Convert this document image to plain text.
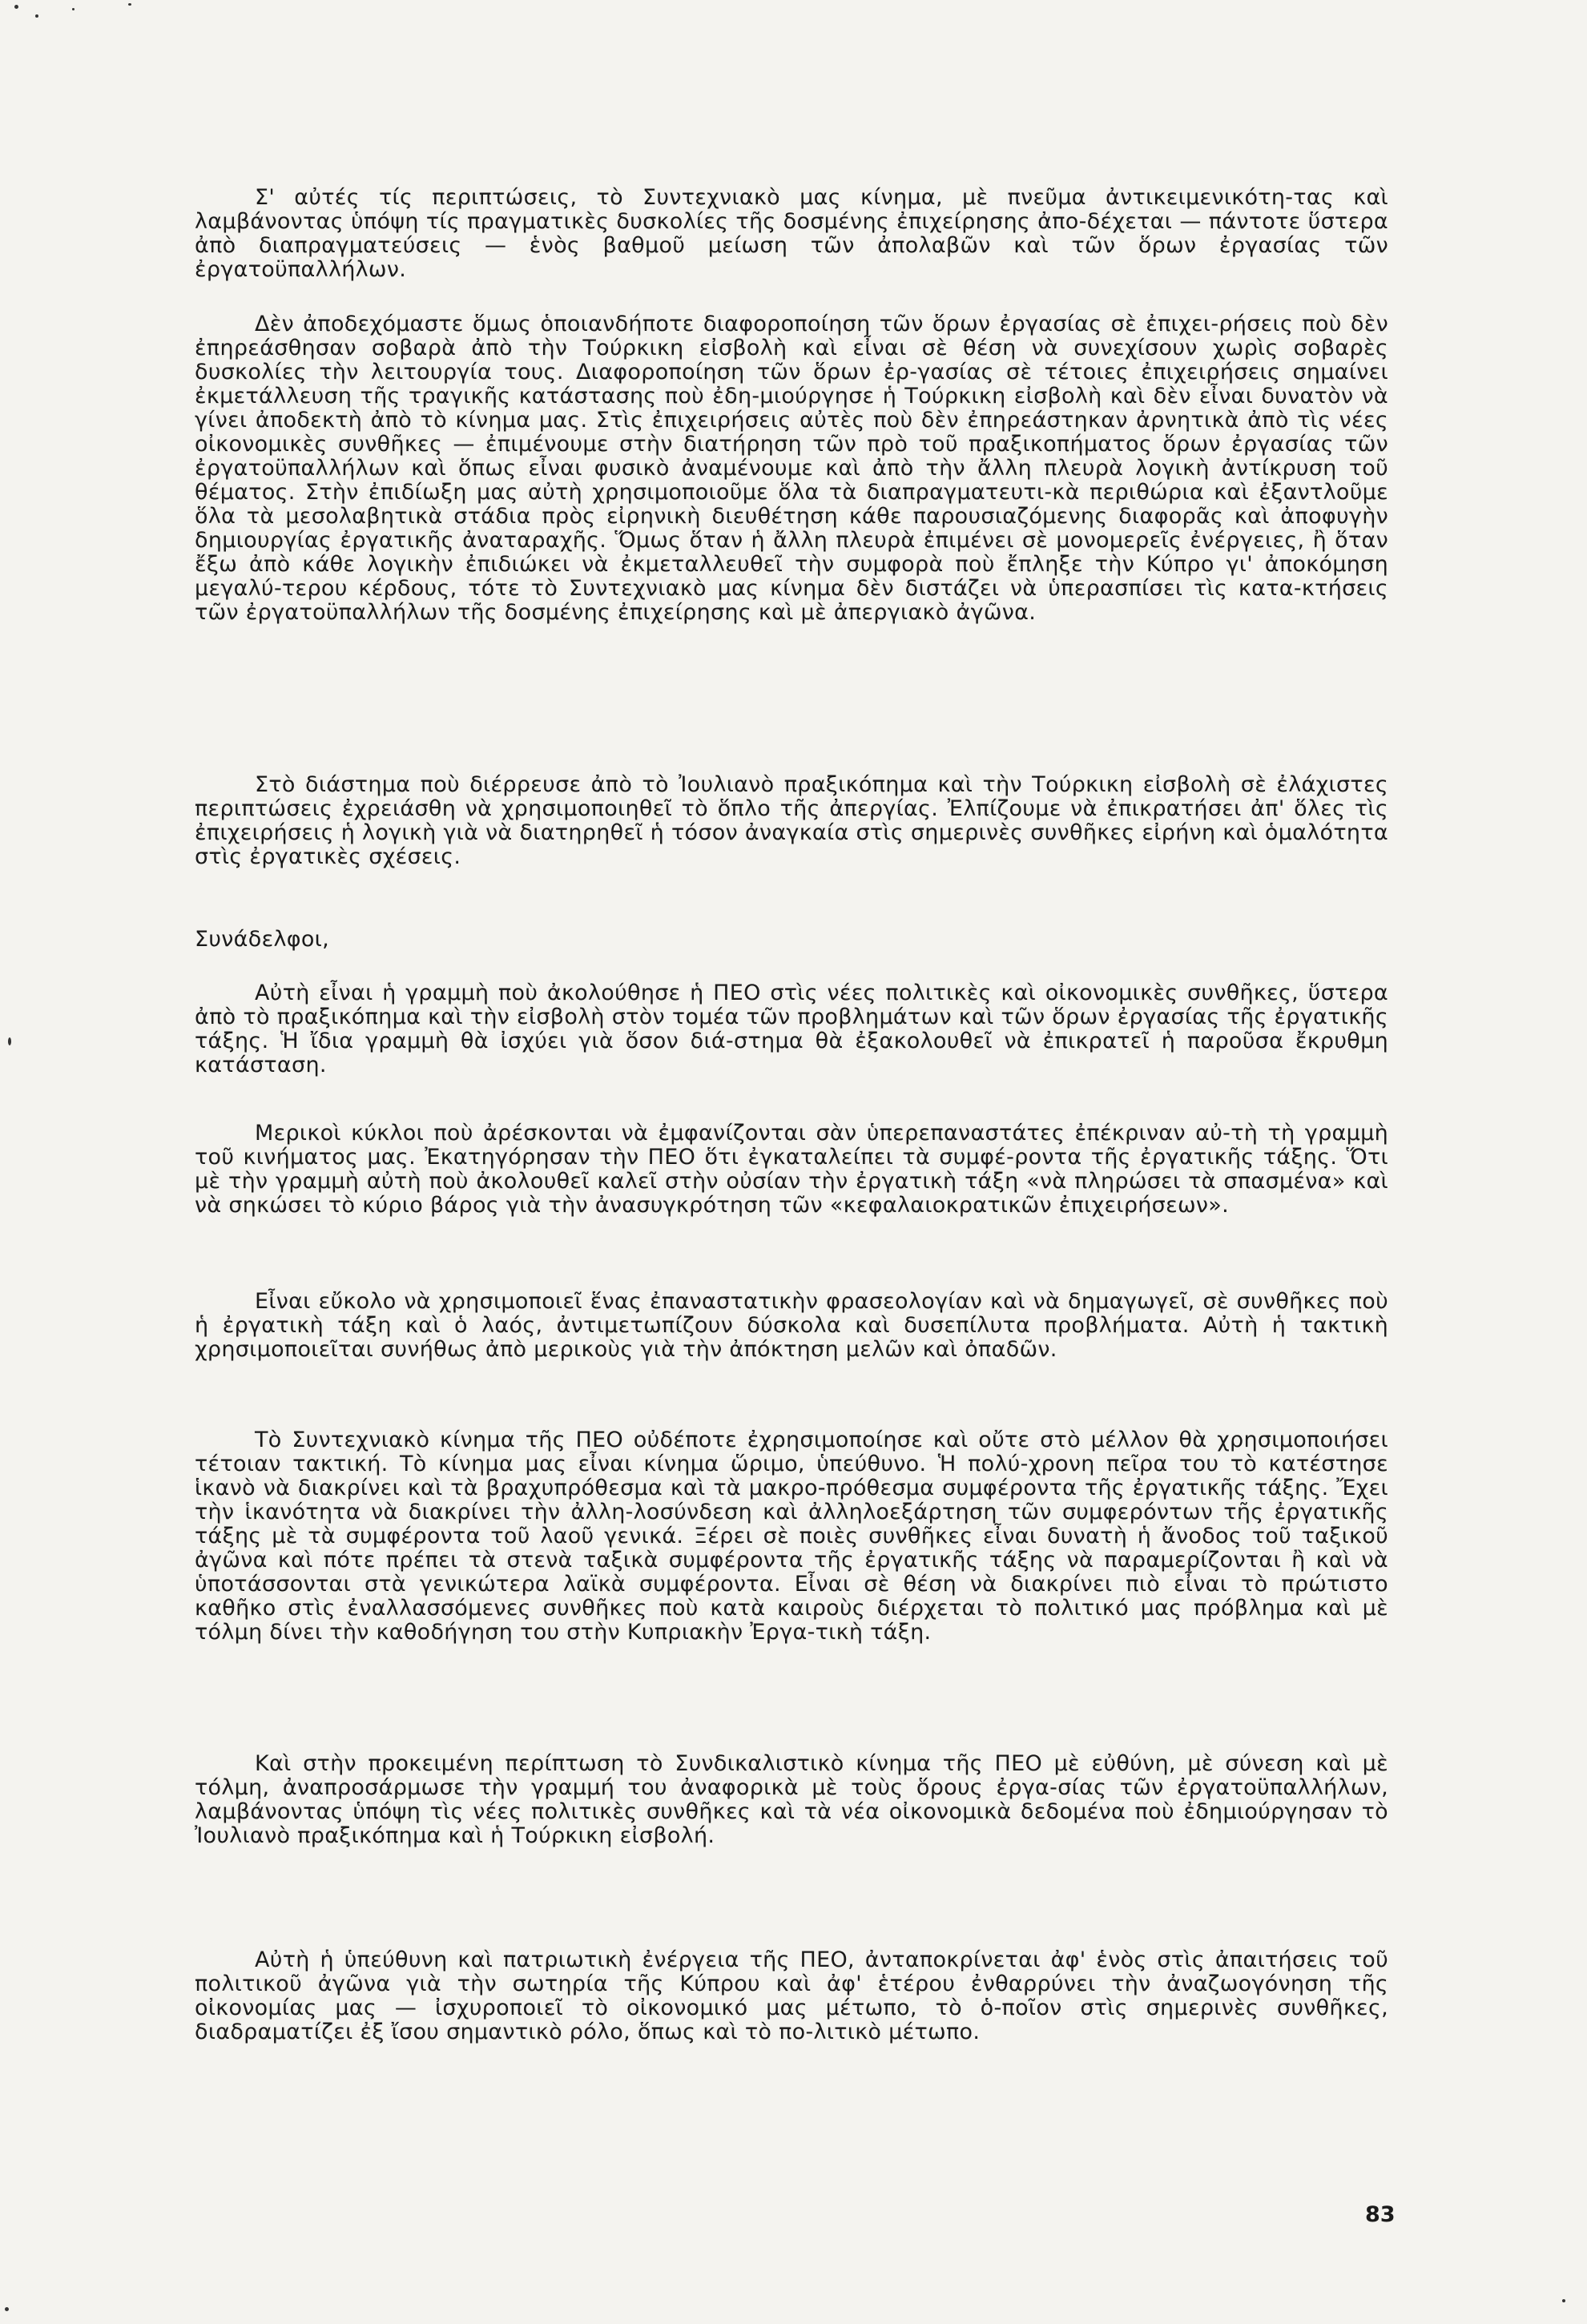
Σ' αὐτές τίς περιπτώσεις, τὸ Συντεχνιακὸ μας κίνημα, μὲ πνεῦμα ἀντικειμενικότη-τας καὶ λαμβάνοντας ὑπόψη τίς πραγματικὲς δυσκολίες τῆς δοσμένης ἐπιχείρησης ἀπο-δέχεται — πάντοτε ὕστερα ἀπὸ διαπραγματεύσεις — ἑνὸς βαθμοῦ μείωση τῶν ἀπολαβῶν καὶ τῶν ὅρων ἐργασίας τῶν ἐργατοϋπαλλήλων.

Δὲν ἀποδεχόμαστε ὅμως ὁποιανδήποτε διαφοροποίηση τῶν ὅρων ἐργασίας σὲ ἐπιχει-ρήσεις ποὺ δὲν ἐπηρεάσθησαν σοβαρὰ ἀπὸ τὴν Τούρκικη εἰσβολὴ καὶ εἶναι σὲ θέση νὰ συνεχίσουν χωρὶς σοβαρὲς δυσκολίες τὴν λειτουργία τους. Διαφοροποίηση τῶν ὅρων ἐρ-γασίας σὲ τέτοιες ἐπιχειρήσεις σημαίνει ἐκμετάλλευση τῆς τραγικῆς κατάστασης ποὺ ἐδη-μιούργησε ἡ Τούρκικη εἰσβολὴ καὶ δὲν εἶναι δυνατὸν νὰ γίνει ἀποδεκτὴ ἀπὸ τὸ κίνημα μας. Στὶς ἐπιχειρήσεις αὐτὲς ποὺ δὲν ἐπηρεάστηκαν ἀρνητικὰ ἀπὸ τὶς νέες οἰκονομικὲς συνθῆκες — ἐπιμένουμε στὴν διατήρηση τῶν πρὸ τοῦ πραξικοπήματος ὅρων ἐργασίας τῶν ἐργατοϋπαλλήλων καὶ ὅπως εἶναι φυσικὸ ἀναμένουμε καὶ ἀπὸ τὴν ἄλλη πλευρὰ λογικὴ ἀντίκρυση τοῦ θέματος. Στὴν ἐπιδίωξη μας αὐτὴ χρησιμοποιοῦμε ὅλα τὰ διαπραγματευτι-κὰ περιθώρια καὶ ἐξαντλοῦμε ὅλα τὰ μεσολαβητικὰ στάδια πρὸς εἰρηνικὴ διευθέτηση κάθε παρουσιαζόμενης διαφορᾶς καὶ ἀποφυγὴν δημιουργίας ἐργατικῆς ἀναταραχῆς. Ὅμως ὅταν ἡ ἄλλη πλευρὰ ἐπιμένει σὲ μονομερεῖς ἐνέργειες, ἢ ὅταν ἔξω ἀπὸ κάθε λογικὴν ἐπιδιώκει νὰ ἐκμεταλλευθεῖ τὴν συμφορὰ ποὺ ἔπληξε τὴν Κύπρο γι' ἀποκόμηση μεγαλύ-τερου κέρδους, τότε τὸ Συντεχνιακὸ μας κίνημα δὲν διστάζει νὰ ὑπερασπίσει τὶς κατα-κτήσεις τῶν ἐργατοϋπαλλήλων τῆς δοσμένης ἐπιχείρησης καὶ μὲ ἀπεργιακὸ ἀγῶνα.

Στὸ διάστημα ποὺ διέρρευσε ἀπὸ τὸ Ἰουλιανὸ πραξικόπημα καὶ τὴν Τούρκικη εἰσβολὴ σὲ ἐλάχιστες περιπτώσεις ἐχρειάσθη νὰ χρησιμοποιηθεῖ τὸ ὅπλο τῆς ἀπεργίας. Ἐλπίζουμε νὰ ἐπικρατήσει ἀπ' ὅλες τὶς ἐπιχειρήσεις ἡ λογικὴ γιὰ νὰ διατηρηθεῖ ἡ τόσον ἀναγκαία στὶς σημερινὲς συνθῆκες εἰρήνη καὶ ὁμαλότητα στὶς ἐργατικὲς σχέσεις.

Συνάδελφοι,

Αὐτὴ εἶναι ἡ γραμμὴ ποὺ ἀκολούθησε ἡ ΠΕΟ στὶς νέες πολιτικὲς καὶ οἰκονομικὲς συνθῆκες, ὕστερα ἀπὸ τὸ πραξικόπημα καὶ τὴν εἰσβολὴ στὸν τομέα τῶν προβλημάτων καὶ τῶν ὅρων ἐργασίας τῆς ἐργατικῆς τάξης. Ἡ ἴδια γραμμὴ θὰ ἰσχύει γιὰ ὅσον διά-στημα θὰ ἐξακολουθεῖ νὰ ἐπικρατεῖ ἡ παροῦσα ἔκρυθμη κατάσταση.

Μερικοὶ κύκλοι ποὺ ἀρέσκονται νὰ ἐμφανίζονται σὰν ὑπερεπαναστάτες ἐπέκριναν αὐ-τὴ τὴ γραμμὴ τοῦ κινήματος μας. Ἐκατηγόρησαν τὴν ΠΕΟ ὅτι ἐγκαταλείπει τὰ συμφέ-ροντα τῆς ἐργατικῆς τάξης. Ὅτι μὲ τὴν γραμμὴ αὐτὴ ποὺ ἀκολουθεῖ καλεῖ στὴν οὐσίαν τὴν ἐργατικὴ τάξη «νὰ πληρώσει τὰ σπασμένα» καὶ νὰ σηκώσει τὸ κύριο βάρος γιὰ τὴν ἀνασυγκρότηση τῶν «κεφαλαιοκρατικῶν ἐπιχειρήσεων».

Εἶναι εὔκολο νὰ χρησιμοποιεῖ ἕνας ἐπαναστατικὴν φρασεολογίαν καὶ νὰ δημαγωγεῖ, σὲ συνθῆκες ποὺ ἡ ἐργατικὴ τάξη καὶ ὁ λαός, ἀντιμετωπίζουν δύσκολα καὶ δυσεπίλυτα προβλήματα. Αὐτὴ ἡ τακτικὴ χρησιμοποιεῖται συνήθως ἀπὸ μερικοὺς γιὰ τὴν ἀπόκτηση μελῶν καὶ ὀπαδῶν.

Τὸ Συντεχνιακὸ κίνημα τῆς ΠΕΟ οὐδέποτε ἐχρησιμοποίησε καὶ οὔτε στὸ μέλλον θὰ χρησιμοποιήσει τέτοιαν τακτική. Τὸ κίνημα μας εἶναι κίνημα ὥριμο, ὑπεύθυνο. Ἡ πολύ-χρονη πεῖρα του τὸ κατέστησε ἱκανὸ νὰ διακρίνει καὶ τὰ βραχυπρόθεσμα καὶ τὰ μακρο-πρόθεσμα συμφέροντα τῆς ἐργατικῆς τάξης. Ἔχει τὴν ἱκανότητα νὰ διακρίνει τὴν ἀλλη-λοσύνδεση καὶ ἀλληλοεξάρτηση τῶν συμφερόντων τῆς ἐργατικῆς τάξης μὲ τὰ συμφέροντα τοῦ λαοῦ γενικά. Ξέρει σὲ ποιὲς συνθῆκες εἶναι δυνατὴ ἡ ἄνοδος τοῦ ταξικοῦ ἀγῶνα καὶ πότε πρέπει τὰ στενὰ ταξικὰ συμφέροντα τῆς ἐργατικῆς τάξης νὰ παραμερίζονται ἢ καὶ νὰ ὑποτάσσονται στὰ γενικώτερα λαϊκὰ συμφέροντα. Εἶναι σὲ θέση νὰ διακρίνει πιὸ εἶναι τὸ πρώτιστο καθῆκο στὶς ἐναλλασσόμενες συνθῆκες ποὺ κατὰ καιροὺς διέρχεται τὸ πολιτικό μας πρόβλημα καὶ μὲ τόλμη δίνει τὴν καθοδήγηση του στὴν Κυπριακὴν Ἐργα-τικὴ τάξη.

Καὶ στὴν προκειμένη περίπτωση τὸ Συνδικαλιστικὸ κίνημα τῆς ΠΕΟ μὲ εὐθύνη, μὲ σύνεση καὶ μὲ τόλμη, ἀναπροσάρμωσε τὴν γραμμή του ἀναφορικὰ μὲ τοὺς ὅρους ἐργα-σίας τῶν ἐργατοϋπαλλήλων, λαμβάνοντας ὑπόψη τὶς νέες πολιτικὲς συνθῆκες καὶ τὰ νέα οἰκονομικὰ δεδομένα ποὺ ἐδημιούργησαν τὸ Ἰουλιανὸ πραξικόπημα καὶ ἡ Τούρκικη εἰσβολή.

Αὐτὴ ἡ ὑπεύθυνη καὶ πατριωτικὴ ἐνέργεια τῆς ΠΕΟ, ἀνταποκρίνεται ἀφ' ἑνὸς στὶς ἀπαιτήσεις τοῦ πολιτικοῦ ἀγῶνα γιὰ τὴν σωτηρία τῆς Κύπρου καὶ ἀφ' ἑτέρου ἐνθαρρύνει τὴν ἀναζωογόνηση τῆς οἰκονομίας μας — ἰσχυροποιεῖ τὸ οἰκονομικό μας μέτωπο, τὸ ὁ-ποῖον στὶς σημερινὲς συνθῆκες, διαδραματίζει ἐξ ἴσου σημαντικὸ ρόλο, ὅπως καὶ τὸ πο-λιτικὸ μέτωπο.

83
